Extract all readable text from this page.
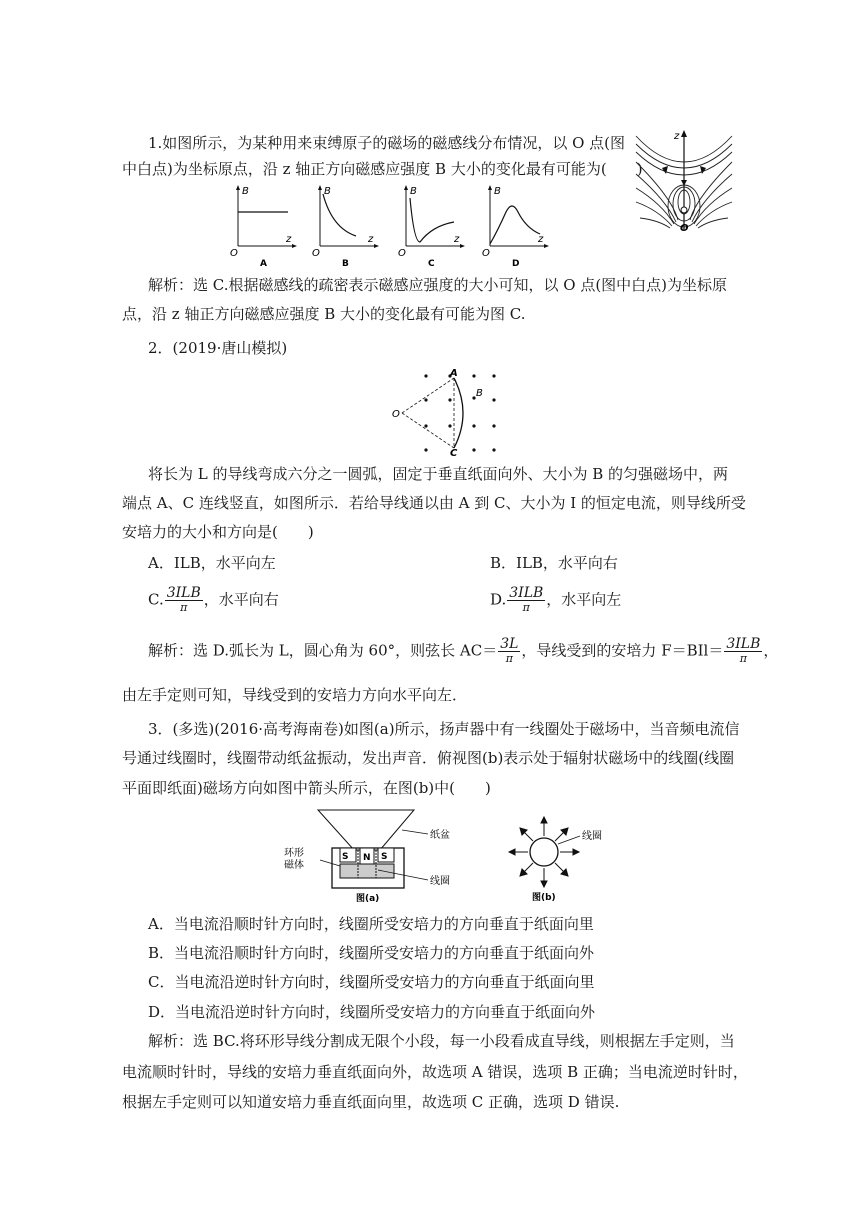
1.如图所示，为某种用来束缚原子的磁场的磁感线分布情况，以 O 点(图
中白点)为坐标原点，沿 z 轴正方向磁感应强度 B 大小的变化最有可能为(　　)
z
O
B
z
O
A
B
z
O
B
B
z
O
C
B
z
O
D
解析：选 C.根据磁感线的疏密表示磁感应强度的大小可知，以 O 点(图中白点)为坐标原
点，沿 z 轴正方向磁感应强度 B 大小的变化最有可能为图 C.
2．(2019·唐山模拟)
A
C
B
O
将长为 L 的导线弯成六分之一圆弧，固定于垂直纸面向外、大小为 B 的匀强磁场中，两
端点 A、C 连线竖直，如图所示．若给导线通以由 A 到 C、大小为 I 的恒定电流，则导线所受
安培力的大小和方向是(　　)
A．ILB，水平向左	B．ILB，水平向右
C. $\frac{\text{3ILB}}{\pi}$ ，水平向右	D. $\frac{\text{3ILB}}{\pi}$ ，水平向左
解析：选 D.弧长为 L，圆心角为 60°，则弦长 $AC= \frac{3L}{\pi}$ ，导线受到的安培力 $F=BIl= \frac{\text{3ILB}}{\pi}$ ，
由左手定则可知，导线受到的安培力方向水平向左．
3．(多选)(2016·高考海南卷)如图(a)所示，扬声器中有一线圈处于磁场中，当音频电流信
号通过线圈时，线圈带动纸盆振动，发出声音．俯视图(b)表示处于辐射状磁场中的线圈(线圈
平面即纸面)磁场方向如图中箭头所示，在图(b)中(　　)
S N S
纸盆
环形
磁体
线圈
图(a)
线圈
图(b)
A．当电流沿顺时针方向时，线圈所受安培力的方向垂直于纸面向里
B．当电流沿顺时针方向时，线圈所受安培力的方向垂直于纸面向外
C．当电流沿逆时针方向时，线圈所受安培力的方向垂直于纸面向里
D．当电流沿逆时针方向时，线圈所受安培力的方向垂直于纸面向外
解析：选 BC.将环形导线分割成无限个小段，每一小段看成直导线，则根据左手定则，当
电流顺时针时，导线的安培力垂直纸面向外，故选项 A 错误，选项 B 正确；当电流逆时针时，
根据左手定则可以知道安培力垂直纸面向里，故选项 C 正确，选项 D 错误.
